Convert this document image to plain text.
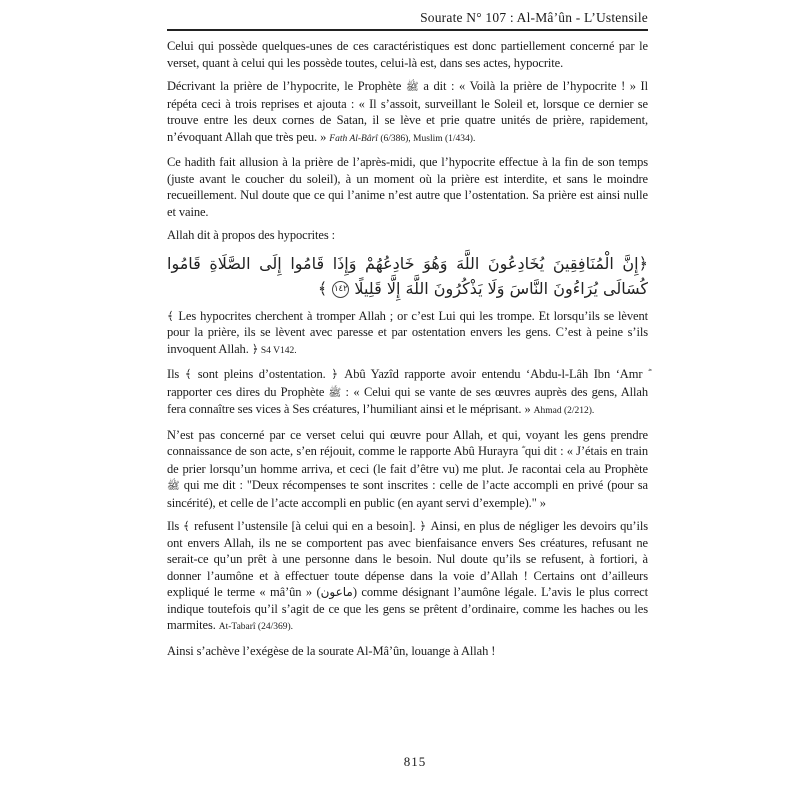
Sourate N° 107 : Al-Mâ’ûn - L’Ustensile

Celui qui possède quelques-unes de ces caractéristiques est donc partiellement concerné par le verset, quant à celui qui les possède toutes, celui-là est, dans ses actes, hypocrite.

Décrivant la prière de l’hypocrite, le Prophète ﷺ a dit : « Voilà la prière de l’hypocrite ! » Il répéta ceci à trois reprises et ajouta : « Il s’assoit, surveillant le Soleil et, lorsque ce dernier se trouve entre les deux cornes de Satan, il se lève et prie quatre unités de prière, rapidement, n’évoquant Allah que très peu. » Fath Al-Bârî (6/386), Muslim (1/434).

Ce hadith fait allusion à la prière de l’après-midi, que l’hypocrite effectue à la fin de son temps (juste avant le coucher du soleil), à un moment où la prière est interdite, et sans le moindre recueillement. Nul doute que ce qui l’anime n’est autre que l’ostentation. Sa prière est ainsi nulle et vaine.

Allah dit à propos des hypocrites :

﴿إِنَّ الْمُنَافِقِينَ يُخَادِعُونَ اللَّهَ وَهُوَ خَادِعُهُمْ وَإِذَا قَامُوا إِلَى الصَّلَاةِ قَامُوا كُسَالَى يُرَاءُونَ النَّاسَ وَلَا يَذْكُرُونَ اللَّهَ إِلَّا قَلِيلًا ١٤٢ ﴾

﴾ Les hypocrites cherchent à tromper Allah ; or c’est Lui qui les trompe. Et lorsqu’ils se lèvent pour la prière, ils se lèvent avec paresse et par ostentation envers les gens. C’est à peine s’ils invoquent Allah. ﴿ S4 V142.

Ils ﴾ sont pleins d’ostentation. ﴿ Abû Yazîd rapporte avoir entendu ‘Abdu-l-Lâh Ibn ‘Amr rapporter ces dires du Prophète ﷺ : « Celui qui se vante de ses œuvres auprès des gens, Allah fera connaître ses vices à Ses créatures, l’humiliant ainsi et le méprisant. » Ahmad (2/212).

N’est pas concerné par ce verset celui qui œuvre pour Allah, et qui, voyant les gens prendre connaissance de son acte, s’en réjouit, comme le rapporte Abû Hurayra qui dit : « J’étais en train de prier lorsqu’un homme arriva, et ceci (le fait d’être vu) me plut. Je racontai cela au Prophète ﷺ qui me dit : "Deux récompenses te sont inscrites : celle de l’acte accompli en privé (pour sa sincérité), et celle de l’acte accompli en public (en ayant servi d’exemple)." »

Ils ﴾ refusent l’ustensile [à celui qui en a besoin]. ﴿ Ainsi, en plus de négliger les devoirs qu’ils ont envers Allah, ils ne se comportent pas avec bienfaisance envers Ses créatures, refusant ne serait-ce qu’un prêt à une personne dans le besoin. Nul doute qu’ils se refusent, à fortiori, à donner l’aumône et à effectuer toute dépense dans la voie d’Allah ! Certains ont d’ailleurs expliqué le terme « mâ’ûn » (ماعون) comme désignant l’aumône légale. L’avis le plus correct indique toutefois qu’il s’agit de ce que les gens se prêtent d’ordinaire, comme les haches ou les marmites. At-Tabarî (24/369).

Ainsi s’achève l’exégèse de la sourate Al-Mâ’ûn, louange à Allah !

815
